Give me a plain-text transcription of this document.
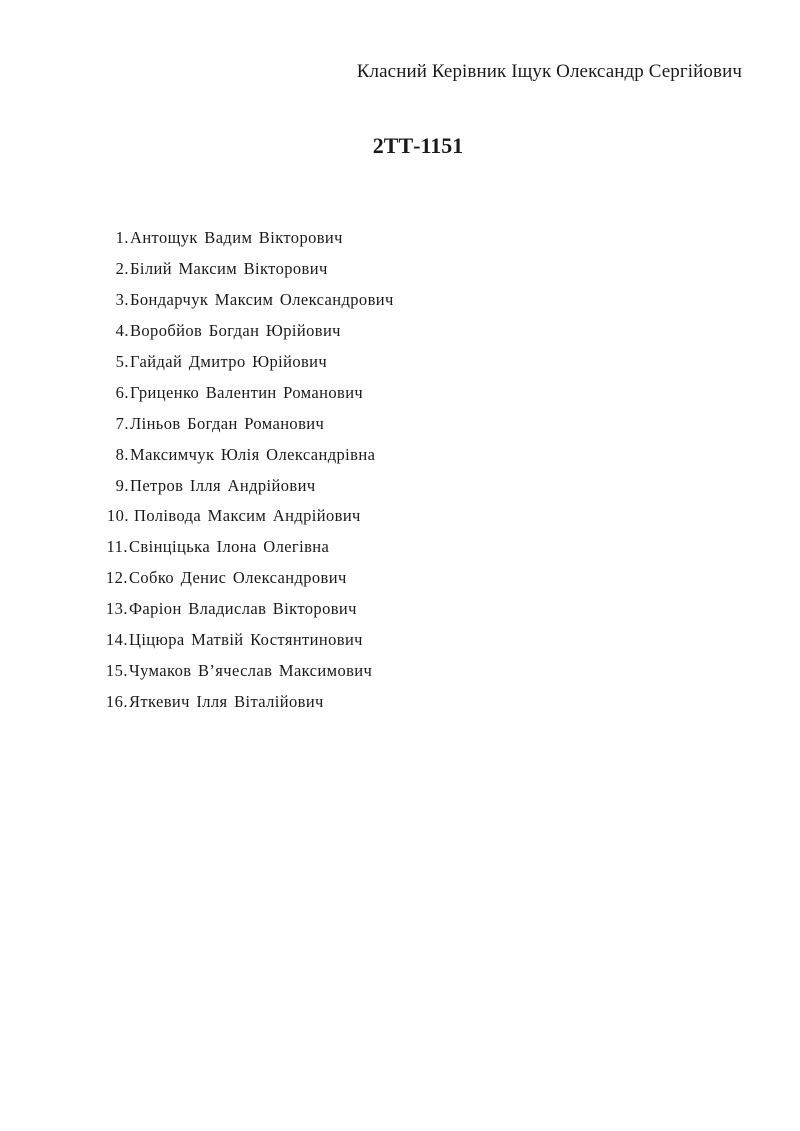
Класний Керівник Іщук Олександр Сергійович
2ТТ-1151
1. Антощук Вадим Вікторович
2. Білий Максим Вікторович
3. Бондарчук Максим Олександрович
4. Воробйов Богдан Юрійович
5. Гайдай Дмитро Юрійович
6. Гриценко Валентин Романович
7. Ліньов Богдан Романович
8. Максимчук Юлія Олександрівна
9. Петров Ілля Андрійович
10. Полівода Максим Андрійович
11. Свінціцька Ілона Олегівна
12. Собко Денис Олександрович
13. Фаріон Владислав Вікторович
14. Ціцюра Матвій Костянтинович
15. Чумаков В’ячеслав Максимович
16. Яткевич Ілля Віталійович
